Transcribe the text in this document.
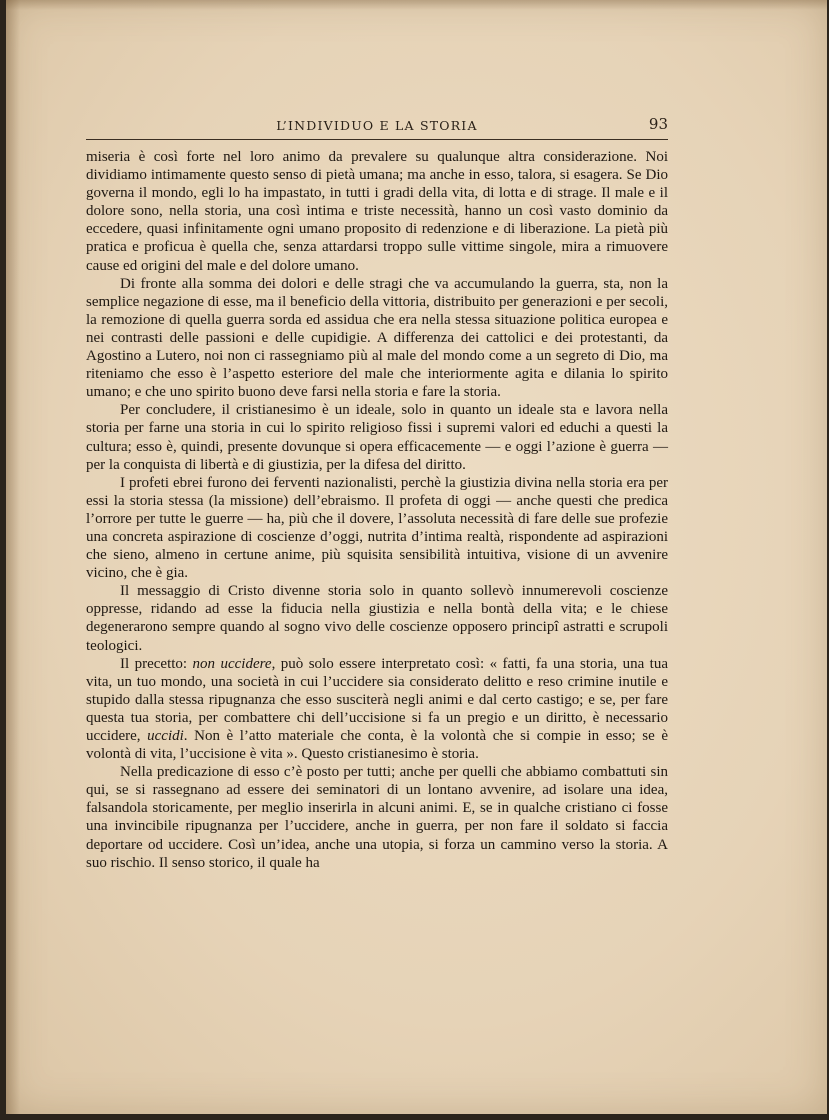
L’INDIVIDUO E LA STORIA	93

miseria è così forte nel loro animo da prevalere su qualunque altra considerazione. Noi dividiamo intimamente questo senso di pietà umana; ma anche in esso, talora, si esagera. Se Dio governa il mondo, egli lo ha impastato, in tutti i gradi della vita, di lotta e di strage. Il male e il dolore sono, nella storia, una così intima e triste necessità, hanno un così vasto dominio da eccedere, quasi infinitamente ogni umano proposito di redenzione e di liberazione. La pietà più pratica e proficua è quella che, senza attardarsi troppo sulle vittime singole, mira a rimuovere cause ed origini del male e del dolore umano.

Di fronte alla somma dei dolori e delle stragi che va accumulando la guerra, sta, non la semplice negazione di esse, ma il beneficio della vittoria, distribuito per generazioni e per secoli, la remozione di quella guerra sorda ed assidua che era nella stessa situazione politica europea e nei contrasti delle passioni e delle cupidigie. A differenza dei cattolici e dei protestanti, da Agostino a Lutero, noi non ci rassegniamo più al male del mondo come a un segreto di Dio, ma riteniamo che esso è l’aspetto esteriore del male che interiormente agita e dilania lo spirito umano; e che uno spirito buono deve farsi nella storia e fare la storia.

Per concludere, il cristianesimo è un ideale, solo in quanto un ideale sta e lavora nella storia per farne una storia in cui lo spirito religioso fissi i supremi valori ed educhi a questi la cultura; esso è, quindi, presente dovunque si opera efficacemente — e oggi l’azione è guerra — per la conquista di libertà e di giustizia, per la difesa del diritto.

I profeti ebrei furono dei ferventi nazionalisti, perchè la giustizia divina nella storia era per essi la storia stessa (la missione) dell’ebraismo. Il profeta di oggi — anche questi che predica l’orrore per tutte le guerre — ha, più che il dovere, l’assoluta necessità di fare delle sue profezie una concreta aspirazione di coscienze d’oggi, nutrita d’intima realtà, rispondente ad aspirazioni che sieno, almeno in certune anime, più squisita sensibilità intuitiva, visione di un avvenire vicino, che è gia.

Il messaggio di Cristo divenne storia solo in quanto sollevò innumerevoli coscienze oppresse, ridando ad esse la fiducia nella giustizia e nella bontà della vita; e le chiese degenerarono sempre quando al sogno vivo delle coscienze opposero principî astratti e scrupoli teologici.

Il precetto: non uccidere, può solo essere interpretato così: « fatti, fa una storia, una tua vita, un tuo mondo, una società in cui l’uccidere sia considerato delitto e reso crimine inutile e stupido dalla stessa ripugnanza che esso susciterà negli animi e dal certo castigo; e se, per fare questa tua storia, per combattere chi dell’uccisione si fa un pregio e un diritto, è necessario uccidere, uccidi. Non è l’atto materiale che conta, è la volontà che si compie in esso; se è volontà di vita, l’uccisione è vita ». Questo cristianesimo è storia.

Nella predicazione di esso c’è posto per tutti; anche per quelli che abbiamo combattuti sin qui, se si rassegnano ad essere dei seminatori di un lontano avvenire, ad isolare una idea, falsandola storicamente, per meglio inserirla in alcuni animi. E, se in qualche cristiano ci fosse una invincibile ripugnanza per l’uccidere, anche in guerra, per non fare il soldato si faccia deportare od uccidere. Così un’idea, anche una utopia, si forza un cammino verso la storia. A suo rischio. Il senso storico, il quale ha
